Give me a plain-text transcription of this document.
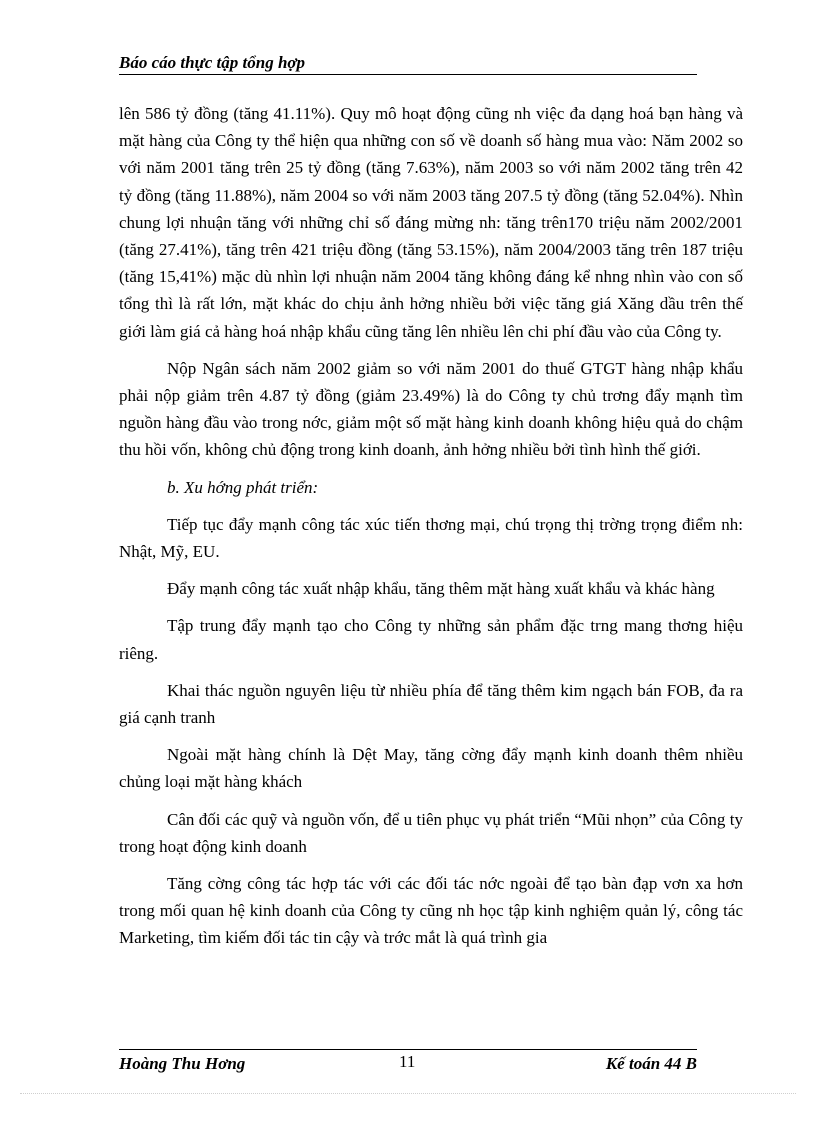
Báo cáo thực tập tổng hợp

lên 586 tỷ đồng (tăng 41.11%). Quy mô hoạt động cũng nh việc đa dạng hoá bạn hàng và mặt hàng của Công ty thể hiện qua những con số về doanh số hàng mua vào: Năm 2002 so với năm 2001 tăng trên 25 tỷ đồng (tăng 7.63%), năm 2003 so với năm 2002 tăng trên 42 tỷ đồng (tăng 11.88%), năm 2004 so với năm 2003 tăng 207.5 tỷ đồng (tăng 52.04%). Nhìn chung lợi nhuận tăng với những chỉ số đáng mừng nh: tăng trên170 triệu năm 2002/2001 (tăng 27.41%), tăng trên 421 triệu đồng (tăng 53.15%), năm 2004/2003 tăng trên 187 triệu (tăng 15,41%) mặc dù nhìn lợi nhuận năm 2004 tăng không đáng kể nhng nhìn vào con số tổng thì là rất lớn, mặt khác do chịu ảnh hởng nhiều bởi việc tăng giá Xăng dầu trên thế giới làm giá cả hàng hoá nhập khẩu cũng tăng lên nhiều lên chi phí đầu vào của Công ty.

Nộp Ngân sách năm 2002 giảm so với năm 2001 do thuế GTGT hàng nhập khẩu phải nộp giảm trên 4.87 tỷ đồng (giảm 23.49%) là do Công ty chủ trơng đẩy mạnh tìm nguồn hàng đầu vào trong nớc, giảm một số mặt hàng kinh doanh không hiệu quả do chậm thu hồi vốn, không chủ động trong kinh doanh, ảnh hởng nhiều bởi tình hình thế giới.

b. Xu hớng phát triển:

Tiếp tục đẩy mạnh công tác xúc tiến thơng mại, chú trọng thị trờng trọng điểm nh: Nhật, Mỹ, EU.

Đẩy mạnh công tác xuất nhập khẩu, tăng thêm mặt hàng xuất khẩu và khác hàng

Tập trung đẩy mạnh tạo cho Công ty những sản phẩm đặc trng mang thơng hiệu riêng.

Khai thác nguồn nguyên liệu từ nhiều phía để tăng thêm kim ngạch bán FOB, đa ra giá cạnh tranh

Ngoài mặt hàng chính là Dệt May, tăng cờng đẩy mạnh kinh doanh thêm nhiều chủng loại mặt hàng khách

Cân đối các quỹ và nguồn vốn, để u tiên phục vụ phát triển “Mũi nhọn” của Công ty trong hoạt động kinh doanh

Tăng cờng công tác hợp tác với các đối tác nớc ngoài để tạo bàn đạp vơn xa hơn trong mối quan hệ kinh doanh của Công ty cũng nh học tập kinh nghiệm quản lý, công tác Marketing, tìm kiếm đối tác tin cậy và trớc mắt là quá trình gia

Hoàng Thu Hơng	11	Kế toán 44 B
